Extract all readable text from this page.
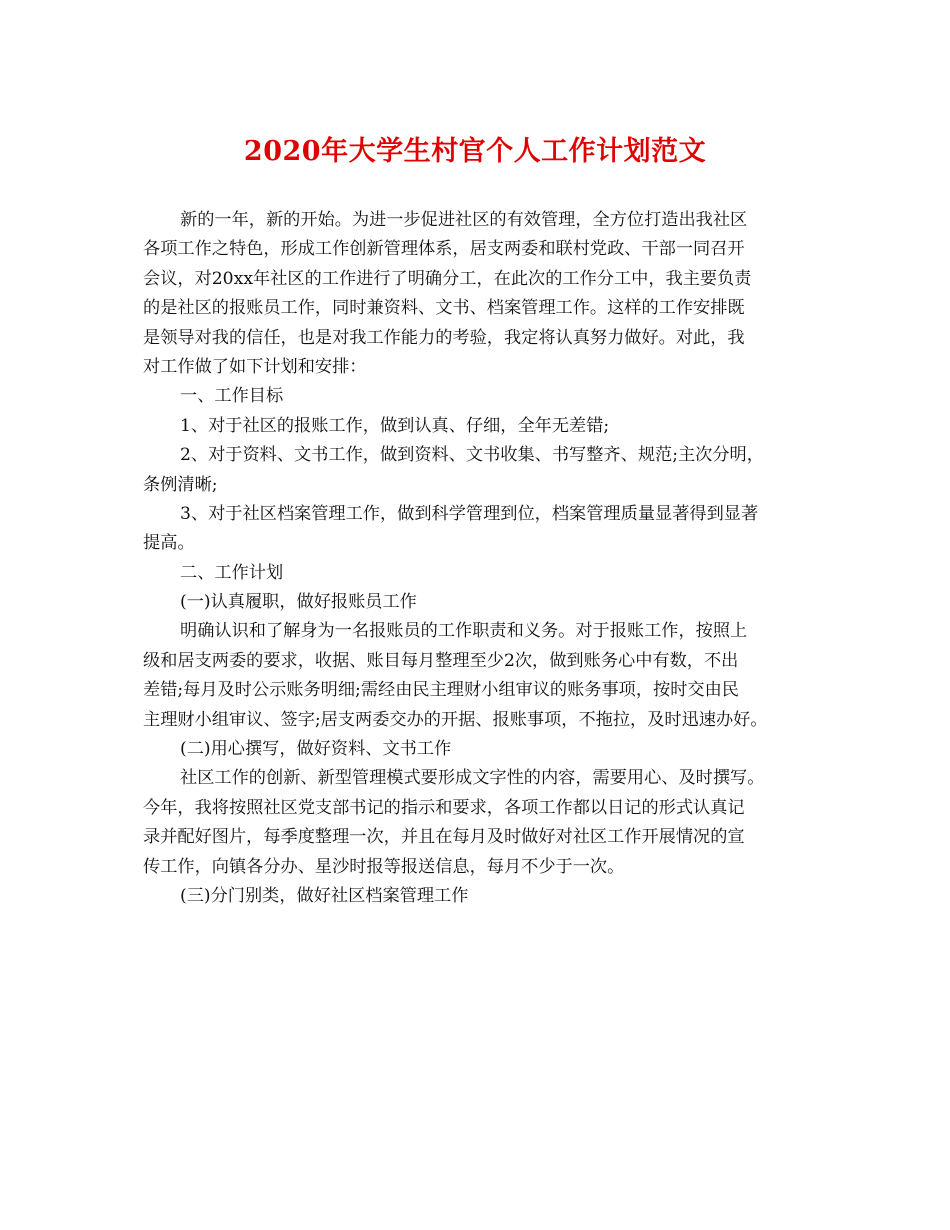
2020年大学生村官个人工作计划范文
新的一年，新的开始。为进一步促进社区的有效管理，全方位打造出我社区
各项工作之特色，形成工作创新管理体系，居支两委和联村党政、干部一同召开
会议，对20xx年社区的工作进行了明确分工，在此次的工作分工中，我主要负责
的是社区的报账员工作，同时兼资料、文书、档案管理工作。这样的工作安排既
是领导对我的信任，也是对我工作能力的考验，我定将认真努力做好。对此，我
对工作做了如下计划和安排：
一、工作目标
1、对于社区的报账工作，做到认真、仔细，全年无差错;
2、对于资料、文书工作，做到资料、文书收集、书写整齐、规范;主次分明，
条例清晰;
3、对于社区档案管理工作，做到科学管理到位，档案管理质量显著得到显著
提高。
二、工作计划
(一)认真履职，做好报账员工作
明确认识和了解身为一名报账员的工作职责和义务。对于报账工作，按照上
级和居支两委的要求，收据、账目每月整理至少2次，做到账务心中有数，不出
差错;每月及时公示账务明细;需经由民主理财小组审议的账务事项，按时交由民
主理财小组审议、签字;居支两委交办的开据、报账事项，不拖拉，及时迅速办好。
(二)用心撰写，做好资料、文书工作
社区工作的创新、新型管理模式要形成文字性的内容，需要用心、及时撰写。
今年，我将按照社区党支部书记的指示和要求，各项工作都以日记的形式认真记
录并配好图片，每季度整理一次，并且在每月及时做好对社区工作开展情况的宣
传工作，向镇各分办、星沙时报等报送信息，每月不少于一次。
(三)分门别类，做好社区档案管理工作
